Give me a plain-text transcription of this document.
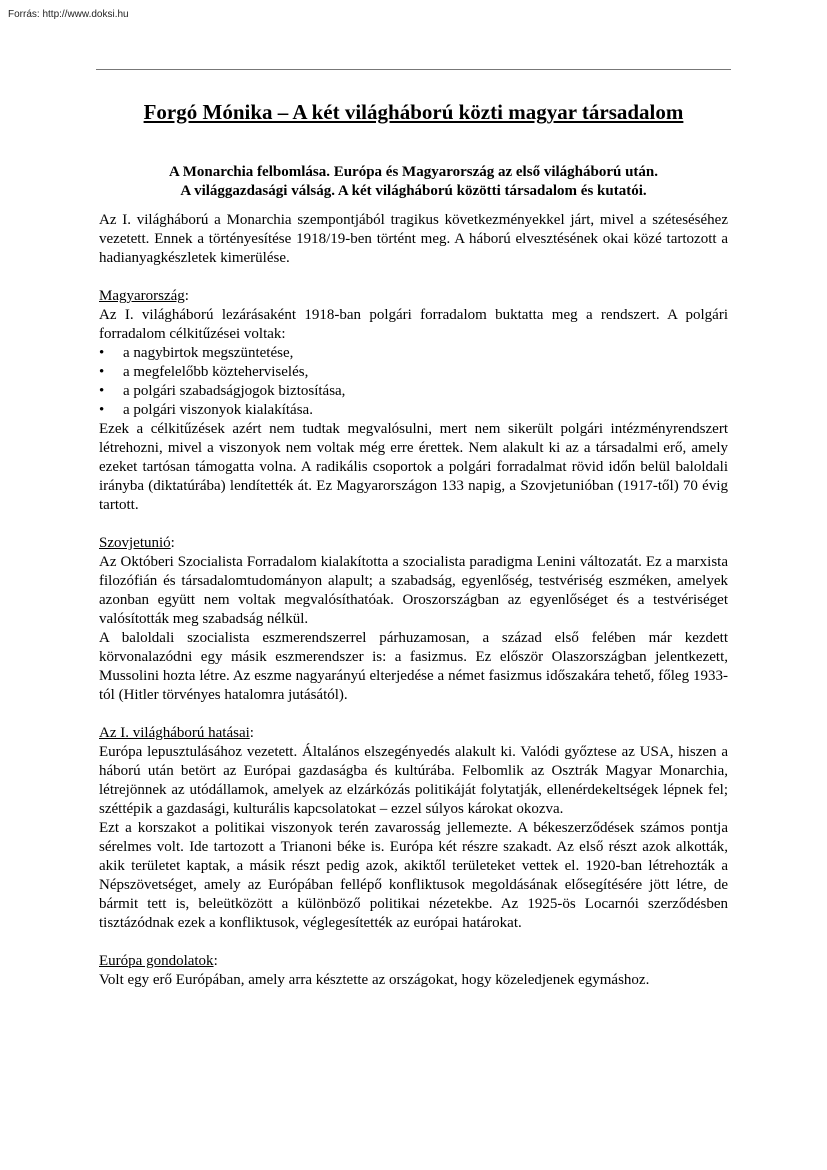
Forrás: http://www.doksi.hu
Forgó Mónika – A két világháború közti magyar társadalom
A Monarchia felbomlása. Európa és Magyarország az első világháború után.
A világgazdasági válság. A két világháború közötti társadalom és kutatói.

Az I. világháború a Monarchia szempontjából tragikus következményekkel járt, mivel a széteséséhez vezetett. Ennek a történyesítése 1918/19-ben történt meg. A háború elvesztésének okai közé tartozott a hadianyagkészletek kimerülése.

Magyarország:

Az I. világháború lezárásaként 1918-ban polgári forradalom buktatta meg a rendszert. A polgári forradalom célkitűzései voltak:

• a nagybirtok megszüntetése,
• a megfelelőbb közteherviselés,
• a polgári szabadságjogok biztosítása,
• a polgári viszonyok kialakítása.

Ezek a célkitűzések azért nem tudtak megvalósulni, mert nem sikerült polgári intézményrendszert létrehozni, mivel a viszonyok nem voltak még erre érettek. Nem alakult ki az a társadalmi erő, amely ezeket tartósan támogatta volna. A radikális csoportok a polgári forradalmat rövid időn belül baloldali irányba (diktatúrába) lendítették át. Ez Magyarországon 133 napig, a Szovjetunióban (1917-től) 70 évig tartott.

Szovjetunió:

Az Októberi Szocialista Forradalom kialakította a szocialista paradigma Lenini változatát. Ez a marxista filozófián és társadalomtudományon alapult; a szabadság, egyenlőség, testvériség eszméken, amelyek azonban együtt nem voltak megvalósíthatóak. Oroszországban az egyenlőséget és a testvériséget valósították meg szabadság nélkül.

A baloldali szocialista eszmerendszerrel párhuzamosan, a század első felében már kezdett körvonalazódni egy másik eszmerendszer is: a fasizmus. Ez először Olaszországban jelentkezett, Mussolini hozta létre. Az eszme nagyarányú elterjedése a német fasizmus időszakára tehető, főleg 1933-tól (Hitler törvényes hatalomra jutásától).

Az I. világháború hatásai:

Európa lepusztulásához vezetett. Általános elszegényedés alakult ki. Valódi győztese az USA, hiszen a háború után betört az Európai gazdaságba és kultúrába. Felbomlik az Osztrák Magyar Monarchia, létrejönnek az utódállamok, amelyek az elzárkózás politikáját folytatják, ellenérdekeltségek lépnek fel; széttépik a gazdasági, kulturális kapcsolatokat – ezzel súlyos károkat okozva.

Ezt a korszakot a politikai viszonyok terén zavarosság jellemezte. A békeszerződések számos pontja sérelmes volt. Ide tartozott a Trianoni béke is. Európa két részre szakadt. Az első részt azok alkották, akik területet kaptak, a másik részt pedig azok, akiktől területeket vettek el. 1920-ban létrehozták a Népszövetséget, amely az Európában fellépő konfliktusok megoldásának elősegítésére jött létre, de bármit tett is, beleütközött a különböző politikai nézetekbe. Az 1925-ös Locarnói szerződésben tisztázódnak ezek a konfliktusok, véglegesítették az európai határokat.

Európa gondolatok:

Volt egy erő Európában, amely arra késztette az országokat, hogy közeledjenek egymáshoz.
